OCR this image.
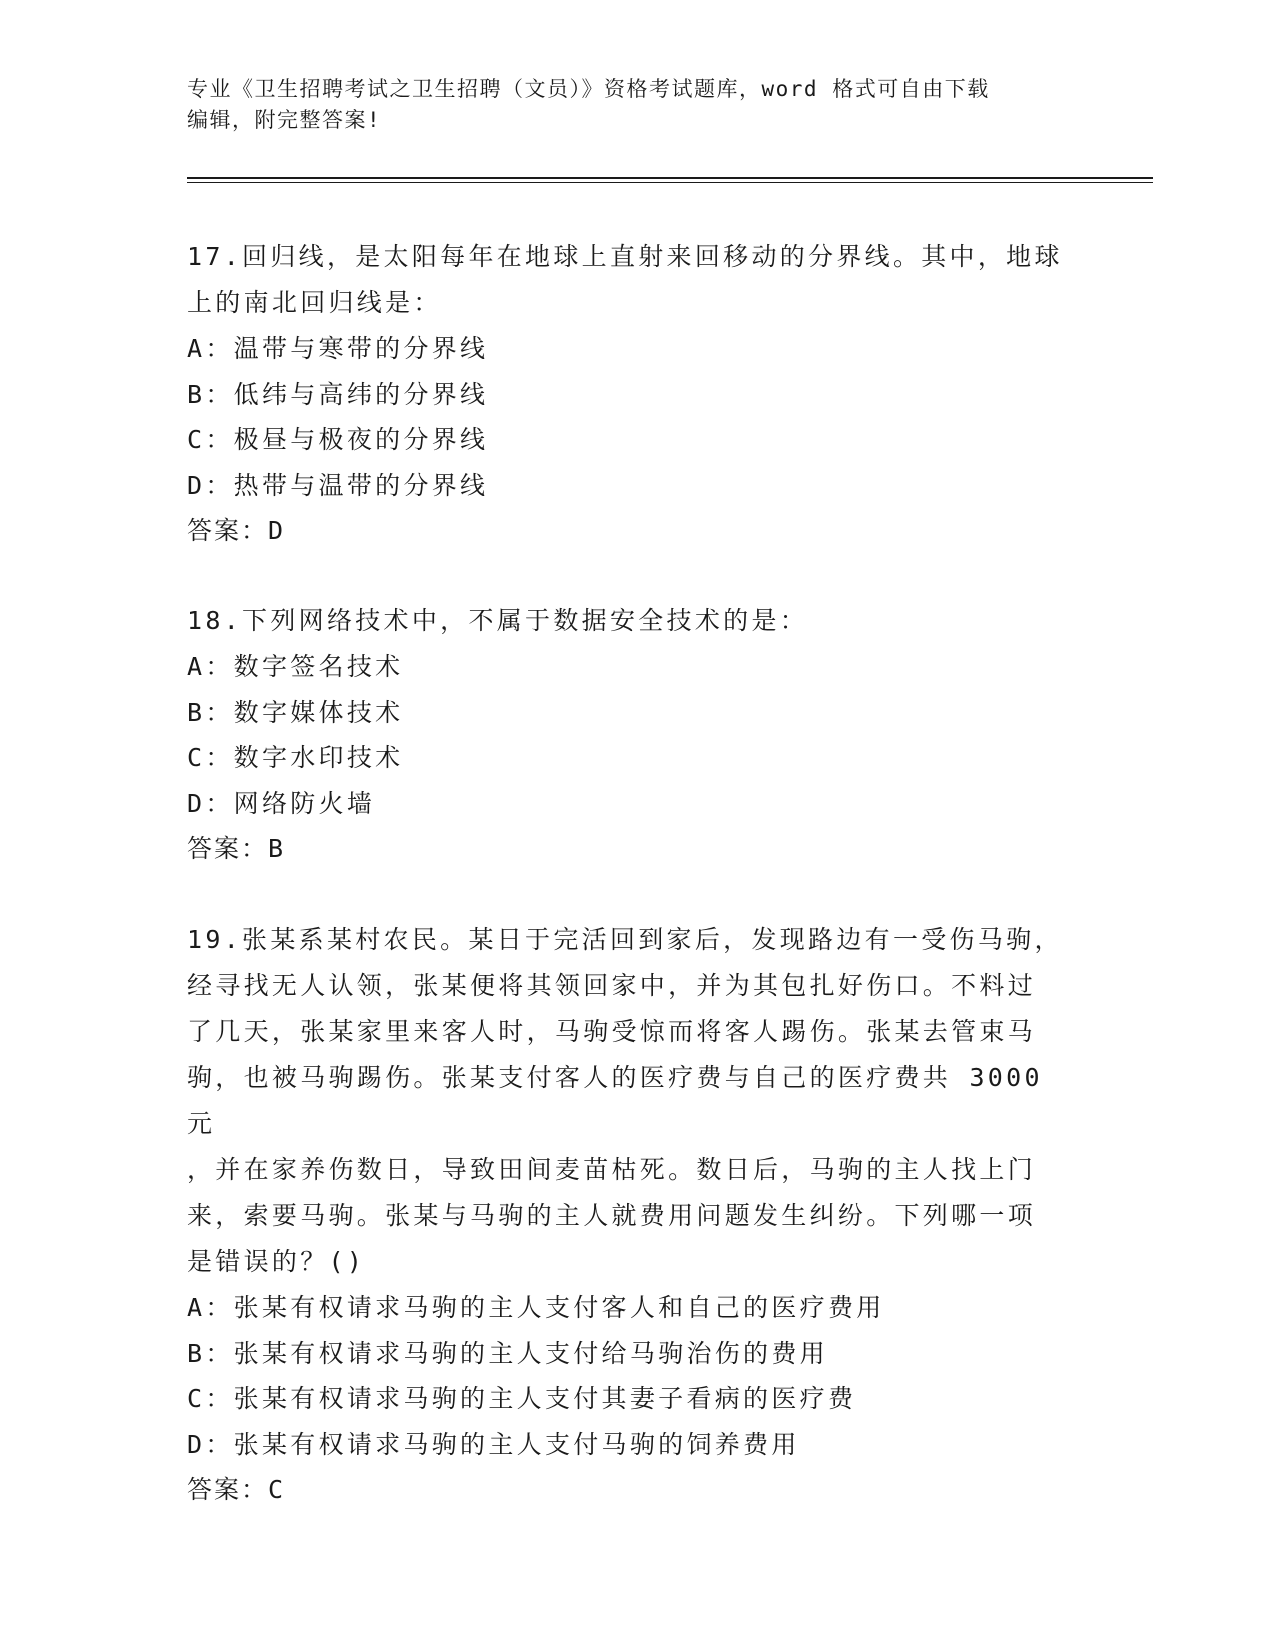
专业《卫生招聘考试之卫生招聘（文员）》资格考试题库，word 格式可自由下载
编辑，附完整答案!
17.回归线，是太阳每年在地球上直射来回移动的分界线。其中，地球
上的南北回归线是：
A：温带与寒带的分界线
B：低纬与高纬的分界线
C：极昼与极夜的分界线
D：热带与温带的分界线
答案：D
18.下列网络技术中，不属于数据安全技术的是：
A：数字签名技术
B：数字媒体技术
C：数字水印技术
D：网络防火墙
答案：B
19.张某系某村农民。某日于完活回到家后，发现路边有一受伤马驹，
经寻找无人认领，张某便将其领回家中，并为其包扎好伤口。不料过
了几天，张某家里来客人时，马驹受惊而将客人踢伤。张某去管束马
驹，也被马驹踢伤。张某支付客人的医疗费与自己的医疗费共 3000 元
，并在家养伤数日，导致田间麦苗枯死。数日后，马驹的主人找上门
来，索要马驹。张某与马驹的主人就费用问题发生纠纷。下列哪一项
是错误的？()
A：张某有权请求马驹的主人支付客人和自己的医疗费用
B：张某有权请求马驹的主人支付给马驹治伤的费用
C：张某有权请求马驹的主人支付其妻子看病的医疗费
D：张某有权请求马驹的主人支付马驹的饲养费用
答案：C
